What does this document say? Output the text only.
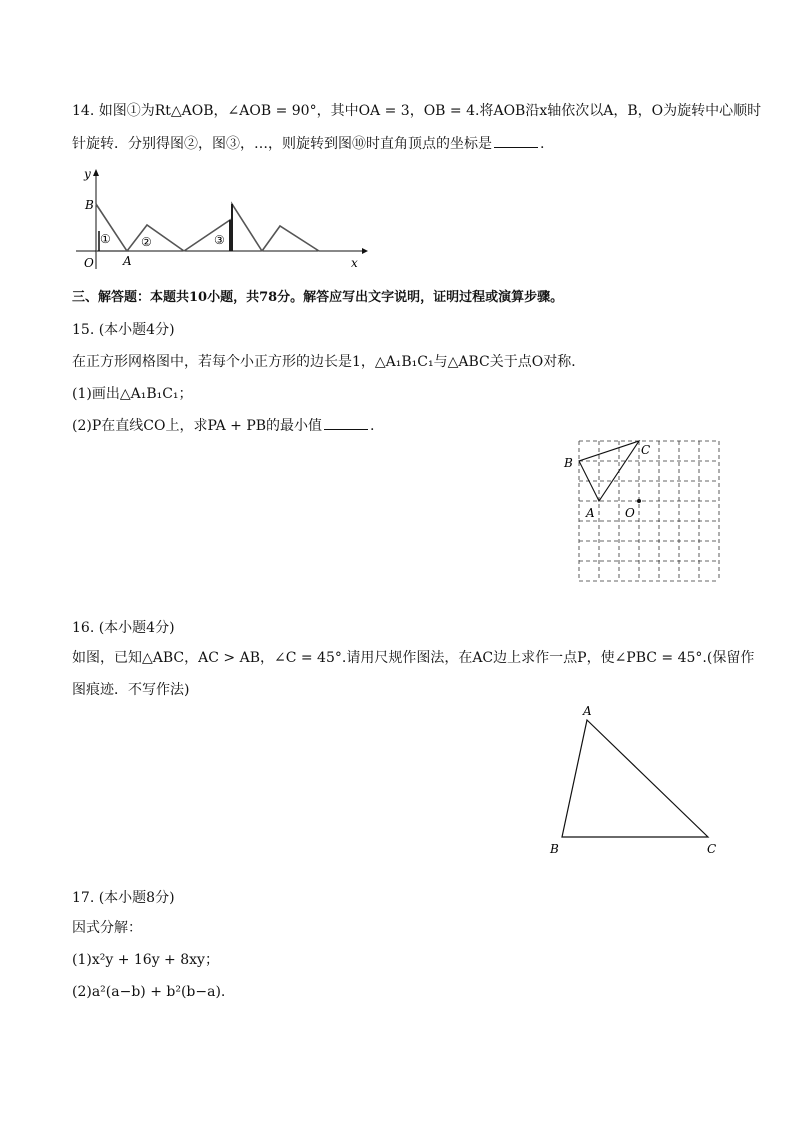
14. 如图①为Rt△AOB，∠AOB = 90°，其中OA = 3，OB = 4.将AOB沿x轴依次以A，B，O为旋转中心顺时
针旋转．分别得图②，图③，…，则旋转到图⑩时直角顶点的坐标是	.
x
y
O A
B
①	②	③
三、解答题：本题共10小题，共78分。解答应写出文字说明，证明过程或演算步骤。
15. (本小题4分)
在正方形网格图中，若每个小正方形的边长是1，△A₁B₁C₁与△ABC关于点O对称．
(1)画出△A₁B₁C₁；
(2)P在直线CO上，求PA + PB的最小值	.
A
B
C
O
16. (本小题4分)
如图，已知△ABC，AC > AB，∠C = 45°.请用尺规作图法，在AC边上求作一点P，使∠PBC = 45°.(保留作
图痕迹．不写作法)
A
B	C
17. (本小题8分)
因式分解：
(1)x²y + 16y + 8xy；
(2)a²(a−b) + b²(b−a).
